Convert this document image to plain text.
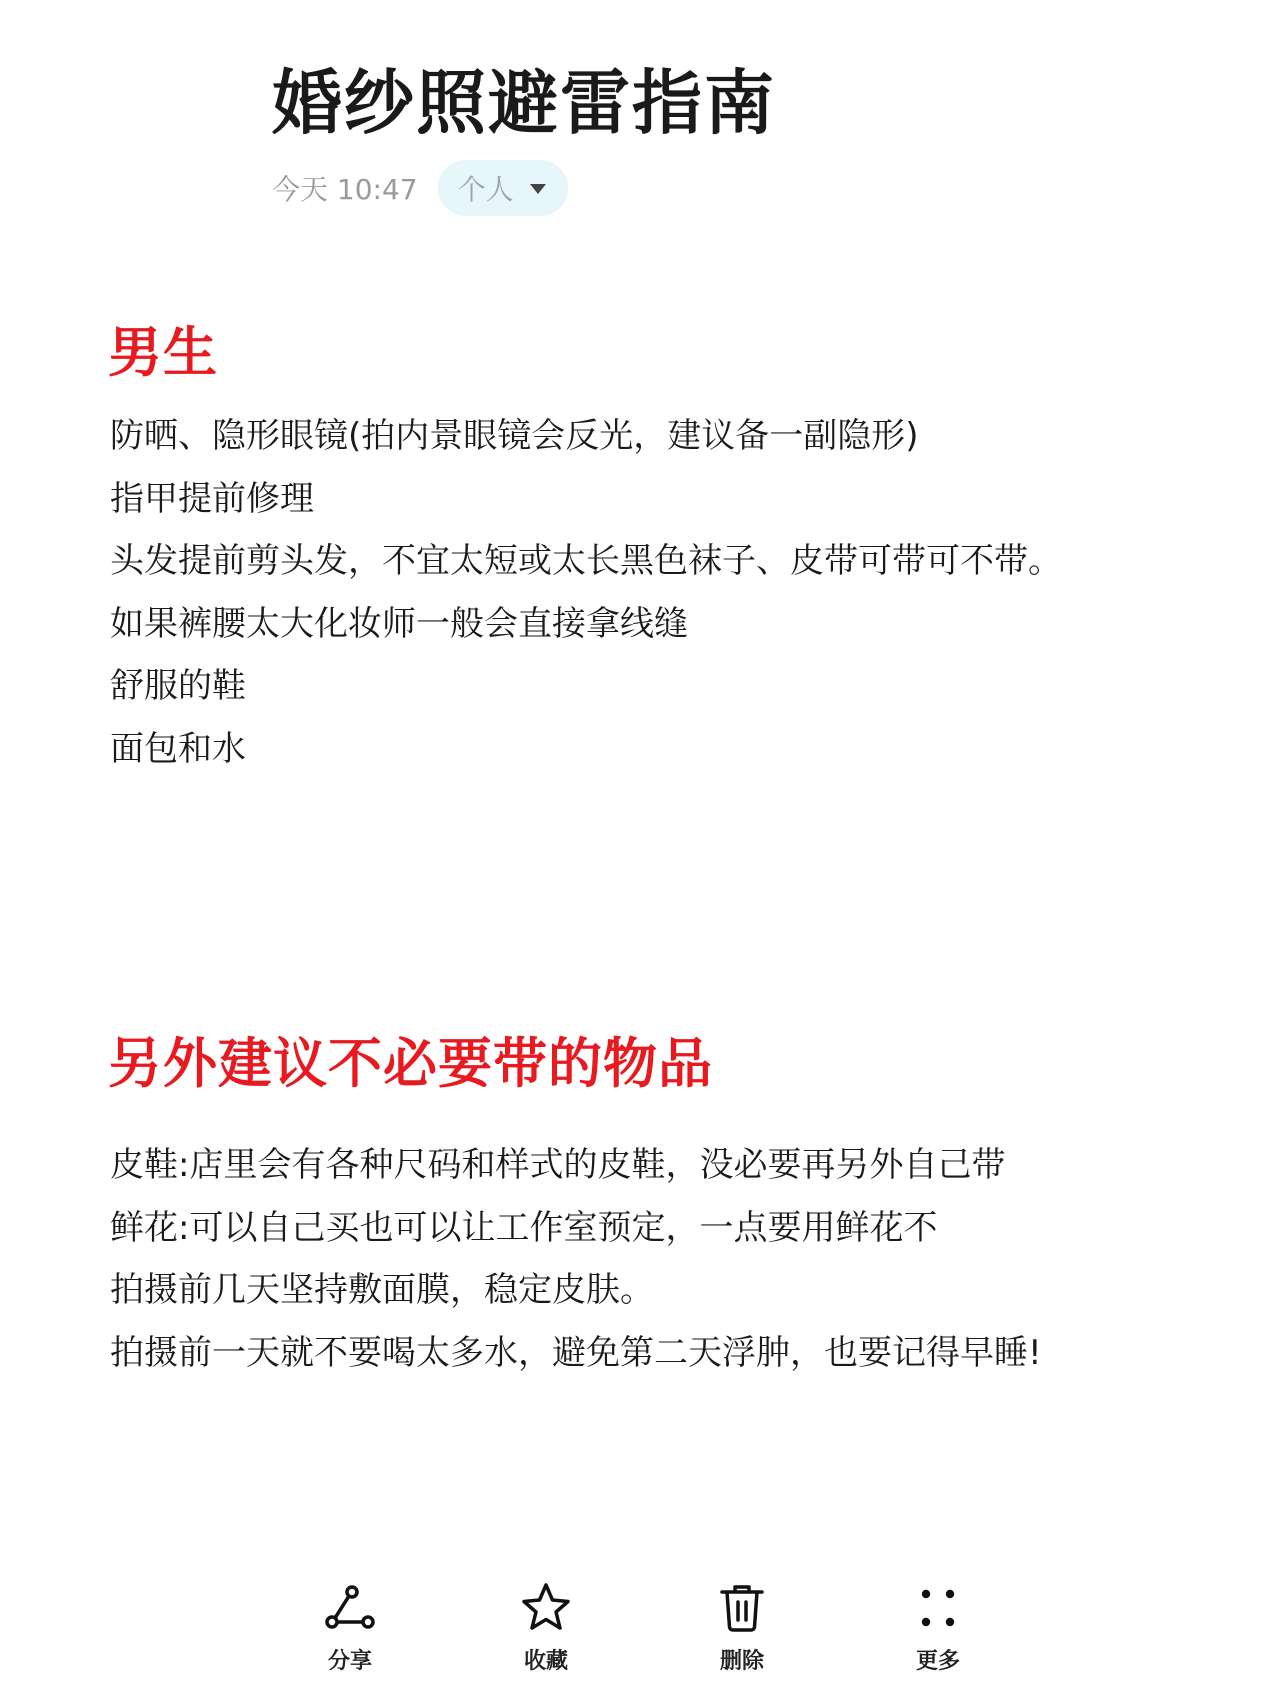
婚纱照避雷指南
今天 10:47 个人
男生
防晒、隐形眼镜(拍内景眼镜会反光，建议备一副隐形)
指甲提前修理
头发提前剪头发，不宜太短或太长黑色袜子、皮带可带可不带。
如果裤腰太大化妆师一般会直接拿线缝
舒服的鞋
面包和水
另外建议不必要带的物品
皮鞋:店里会有各种尺码和样式的皮鞋，没必要再另外自己带
鲜花:可以自己买也可以让工作室预定，一点要用鲜花不
拍摄前几天坚持敷面膜，稳定皮肤。
拍摄前一天就不要喝太多水，避免第二天浮肿，也要记得早睡!
分享	收藏	删除	更多
